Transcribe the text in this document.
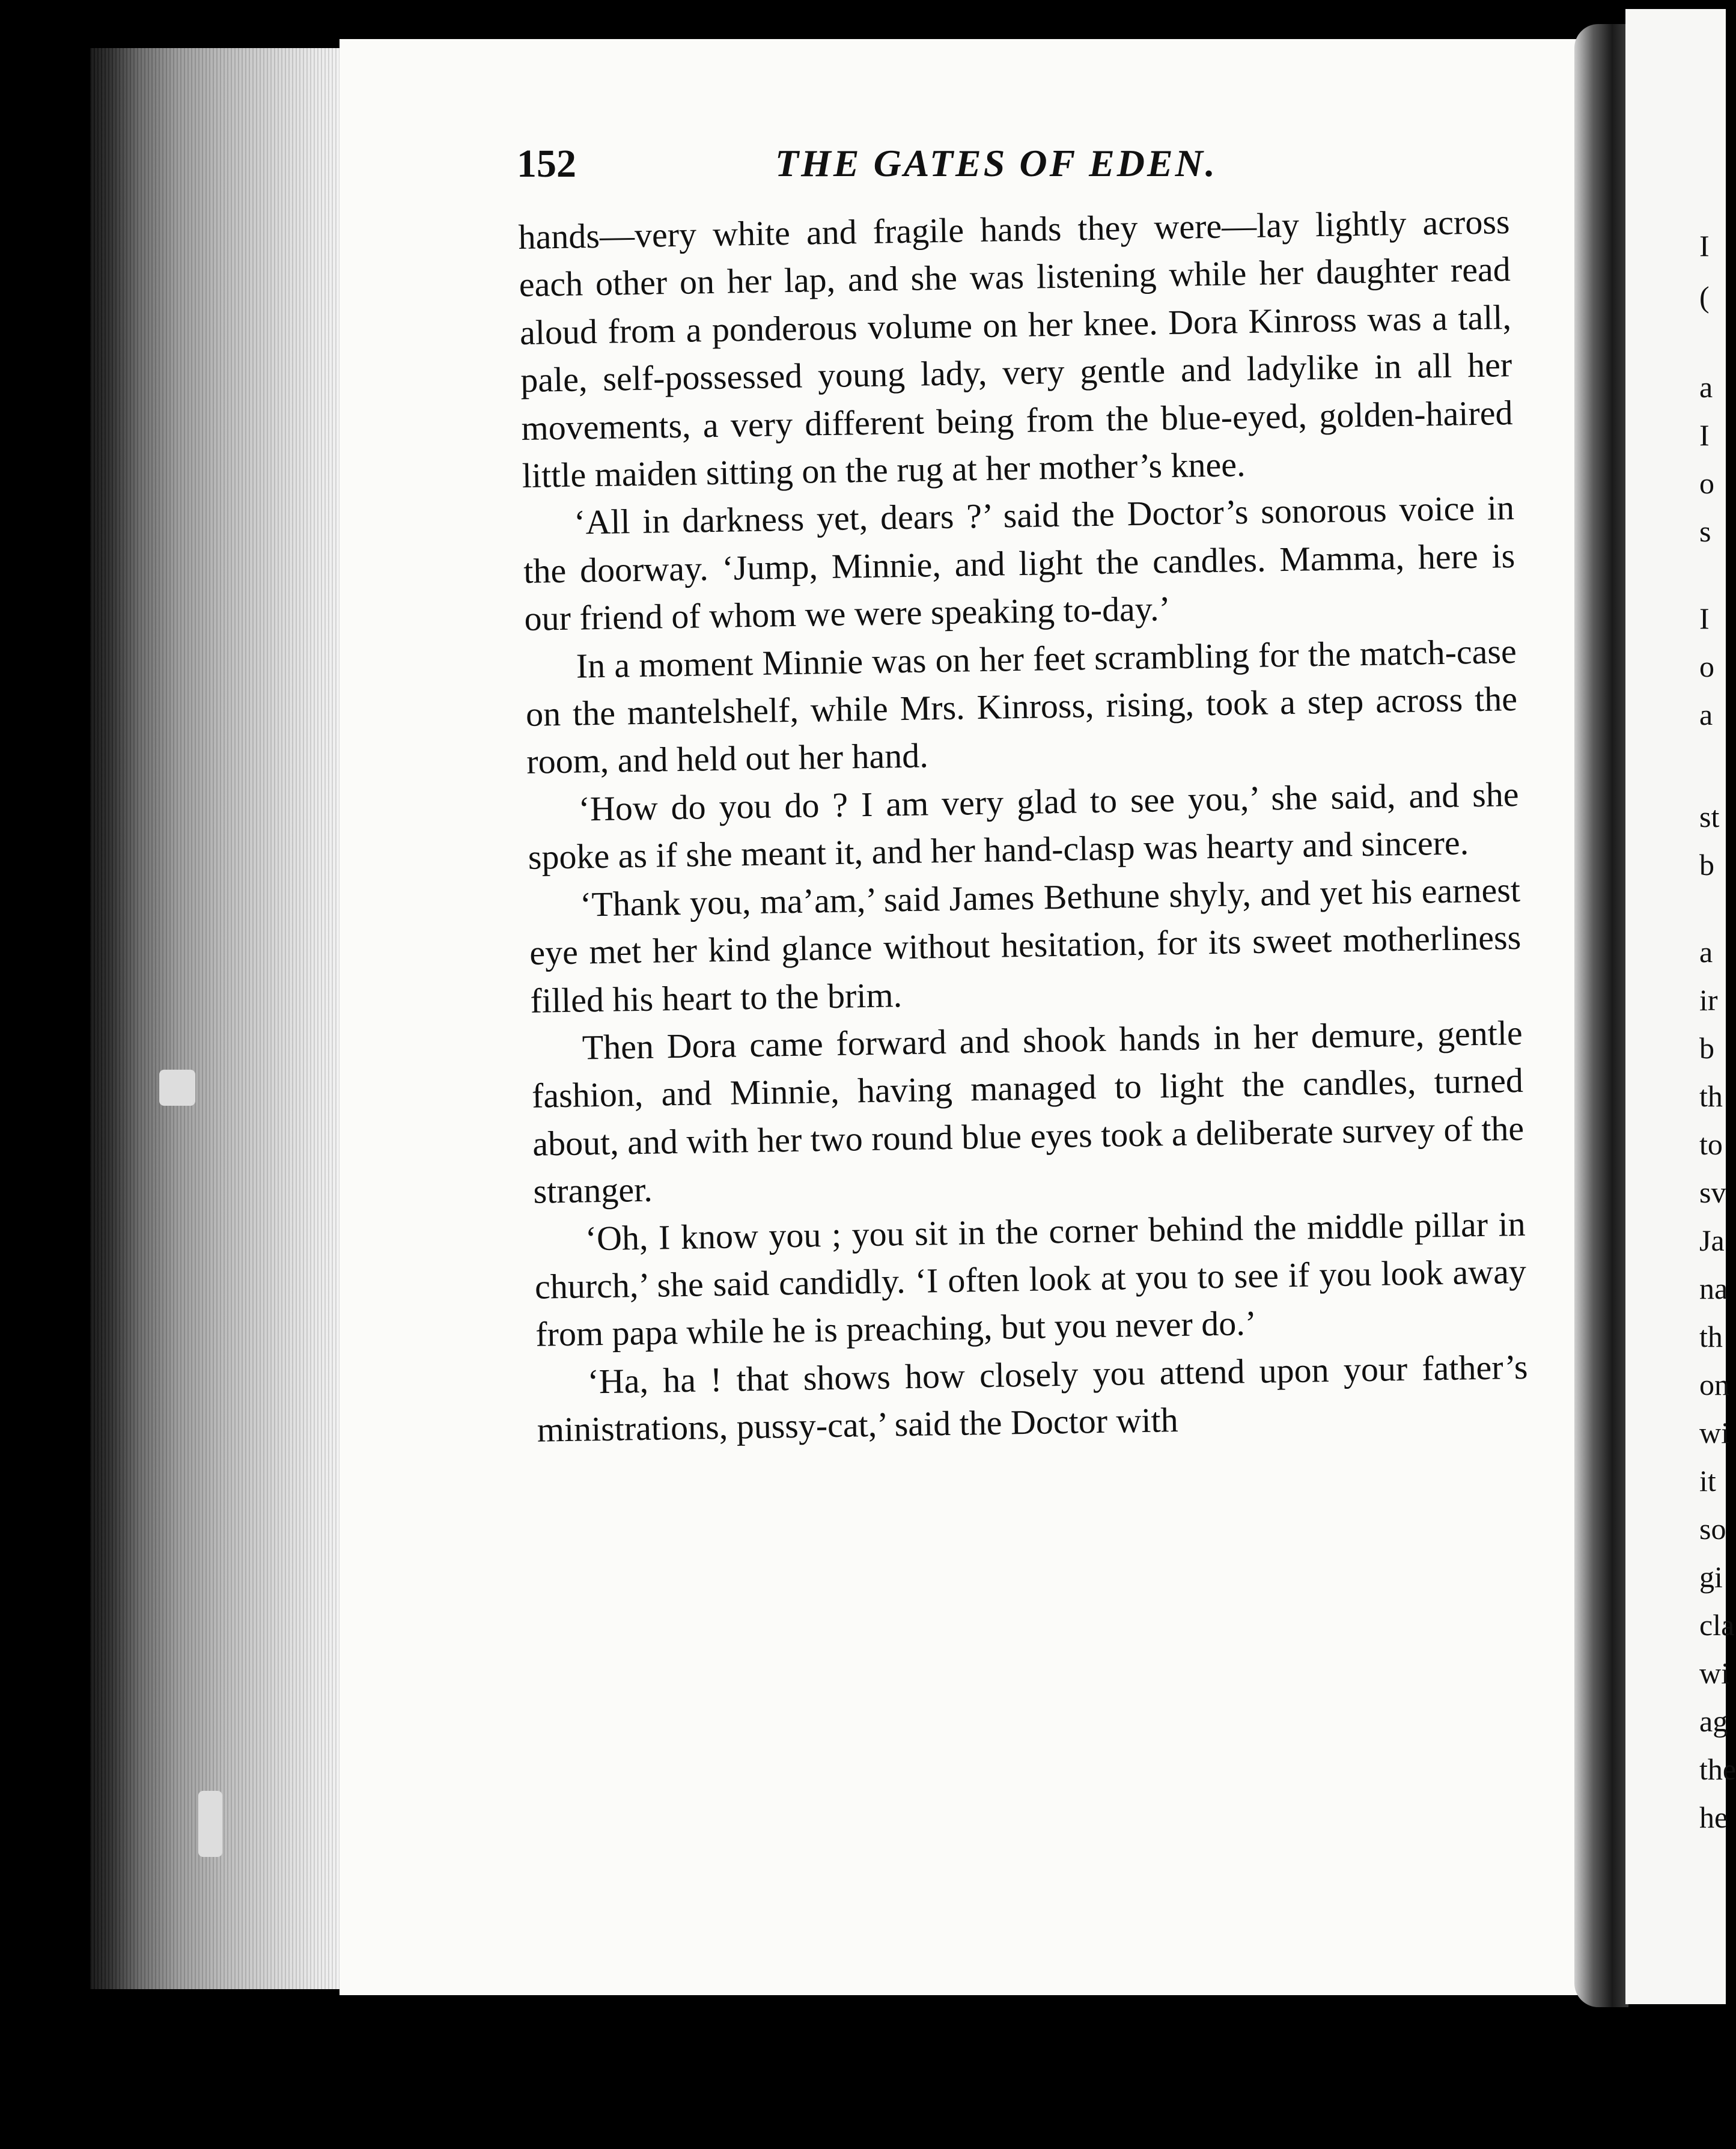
152	THE GATES OF EDEN.

hands—very white and fragile hands they were—lay lightly across each other on her lap, and she was listening while her daughter read aloud from a ponderous volume on her knee. Dora Kinross was a tall, pale, self-possessed young lady, very gentle and ladylike in all her movements, a very different being from the blue-eyed, golden-haired little maiden sitting on the rug at her mother’s knee.

‘All in darkness yet, dears ?’ said the Doctor’s sonorous voice in the doorway. ‘Jump, Minnie, and light the candles. Mamma, here is our friend of whom we were speaking to-day.’

In a moment Minnie was on her feet scrambling for the match-case on the mantelshelf, while Mrs. Kinross, rising, took a step across the room, and held out her hand.

‘How do you do ? I am very glad to see you,’ she said, and she spoke as if she meant it, and her hand-clasp was hearty and sincere.

‘Thank you, ma’am,’ said James Bethune shyly, and yet his earnest eye met her kind glance without hesitation, for its sweet motherliness filled his heart to the brim.

Then Dora came forward and shook hands in her demure, gentle fashion, and Minnie, having managed to light the candles, turned about, and with her two round blue eyes took a deliberate survey of the stranger.

‘Oh, I know you ; you sit in the corner behind the middle pillar in church,’ she said candidly. ‘I often look at you to see if you look away from papa while he is preaching, but you never do.’

‘Ha, ha ! that shows how closely you attend upon your father’s ministrations, pussy-cat,’ said the Doctor with

I
(
a
I
o
s
I
o
a
st
b
a
ir
b
th
to
sv
Ja
na
th
on
wi
it
so
gi
cla
wi
ag
the
he
